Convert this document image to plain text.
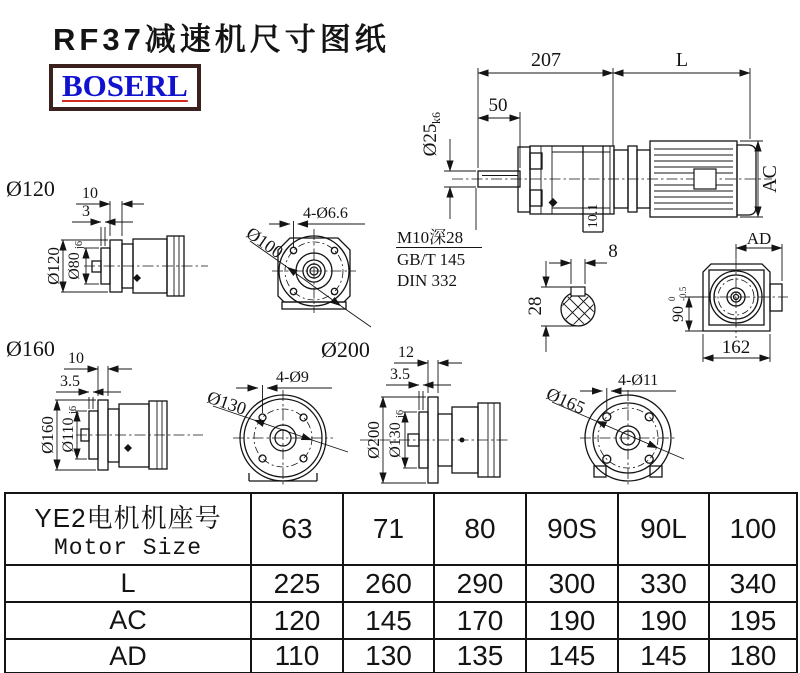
RF37减速机尺寸图纸
BOSERL
207	L
50
Ø25
k6
AC
10.1
M10深28
GB/T 145
DIN 332
8
28
AD
90
0 -0.5
162
Ø120 10
3
Ø120 Ø80
j6
4-Ø6.6
Ø100
Ø160 10
3.5
Ø160 Ø110
j6
4-Ø9
Ø130
Ø200 12
3.5
Ø200 Ø130
j6
4-Ø11
Ø165
YE2电机机座号
Motor Size	63	71	80	90S	90L	100
L	225	260	290	300	330	340
AC	120	145	170	190	190	195
AD	110	130	135	145	145	180
